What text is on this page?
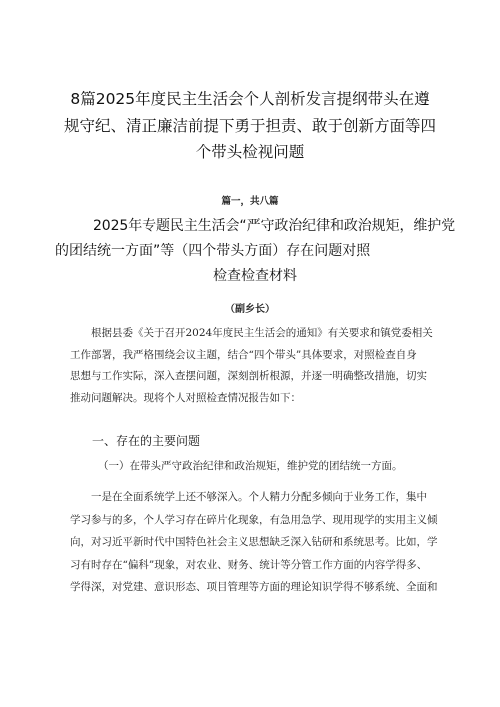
8篇2025年度民主生活会个人剖析发言提纲带头在遵
规守纪、清正廉洁前提下勇于担责、敢于创新方面等四
个带头检视问题
篇一，共八篇
2025年专题民主生活会“严守政治纪律和政治规矩，维护党
的团结统一方面”等（四个带头方面）存在问题对照
检查检查材料
（副乡长）
根据县委《关于召开2024年度民主生活会的通知》有关要求和镇党委相关
工作部署，我严格围绕会议主题，结合“四个带头”具体要求，对照检查自身
思想与工作实际，深入查摆问题，深刻剖析根源，并逐一明确整改措施，切实
推动问题解决。现将个人对照检查情况报告如下：
一、存在的主要问题
（一）在带头严守政治纪律和政治规矩，维护党的团结统一方面。
一是在全面系统学上还不够深入。个人精力分配多倾向于业务工作，集中
学习参与的多，个人学习存在碎片化现象，有急用急学、现用现学的实用主义倾
向，对习近平新时代中国特色社会主义思想缺乏深入钻研和系统思考。比如，学
习有时存在“偏科”现象，对农业、财务、统计等分管工作方面的内容学得多、
学得深，对党建、意识形态、项目管理等方面的理论知识学得不够系统、全面和
